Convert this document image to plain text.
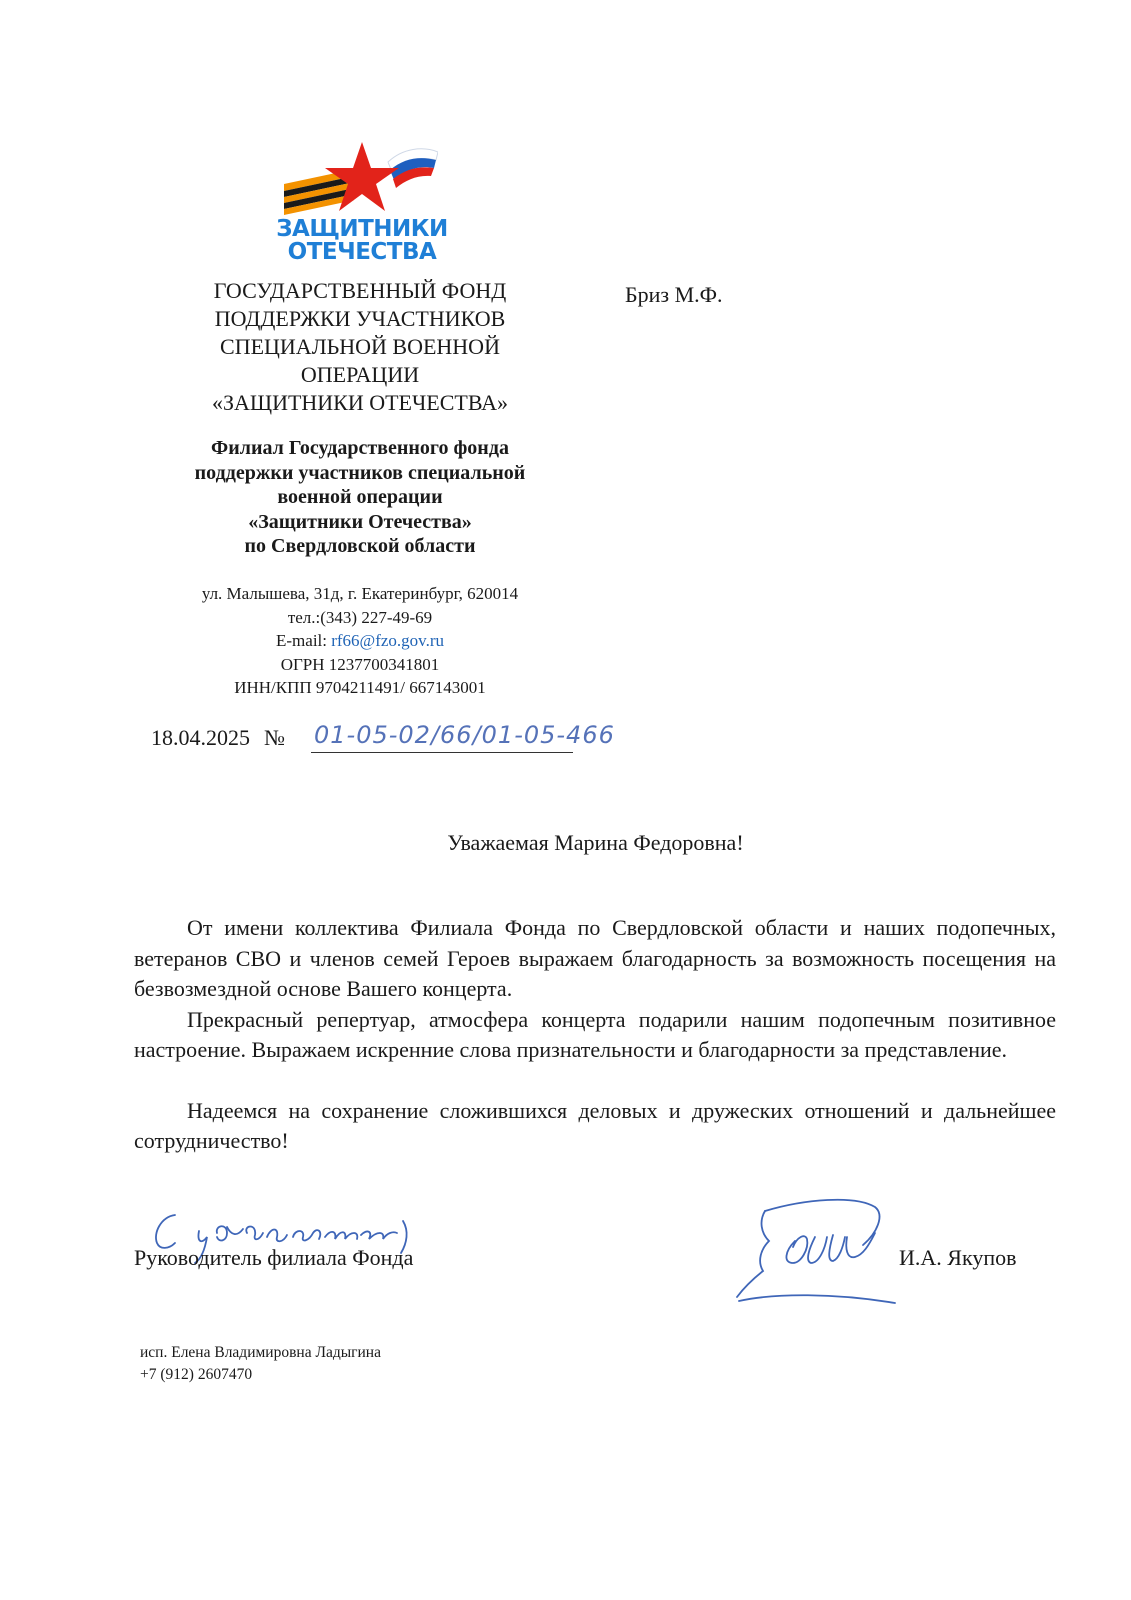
ЗАЩИТНИКИ
ОТЕЧЕСТВА
ГОСУДАРСТВЕННЫЙ ФОНД
ПОДДЕРЖКИ УЧАСТНИКОВ
СПЕЦИАЛЬНОЙ ВОЕННОЙ
ОПЕРАЦИИ
«ЗАЩИТНИКИ ОТЕЧЕСТВА»
Филиал Государственного фонда
поддержки участников специальной
военной операции
«Защитники Отечества»
по Свердловской области
ул. Малышева, 31д, г. Екатеринбург, 620014
тел.:(343) 227-49-69
E-mail: rf66@fzo.gov.ru
ОГРН 1237700341801
ИНН/КПП 9704211491/ 667143001
Бриз М.Ф.
18.04.2025 № 01-05-02/66/01-05-466
Уважаемая Марина Федоровна!

От имени коллектива Филиала Фонда по Свердловской области и наших подопечных, ветеранов СВО и членов семей Героев выражаем благодарность за возможность посещения на безвозмездной основе Вашего концерта.

Прекрасный репертуар, атмосфера концерта подарили нашим подопечным позитивное настроение. Выражаем искренние слова признательности и благодарности за представление.

Надеемся на сохранение сложившихся деловых и дружеских отношений и дальнейшее сотрудничество!

Руководитель филиала Фонда	И.А. Якупов
исп. Елена Владимировна Ладыгина
+7 (912) 2607470
